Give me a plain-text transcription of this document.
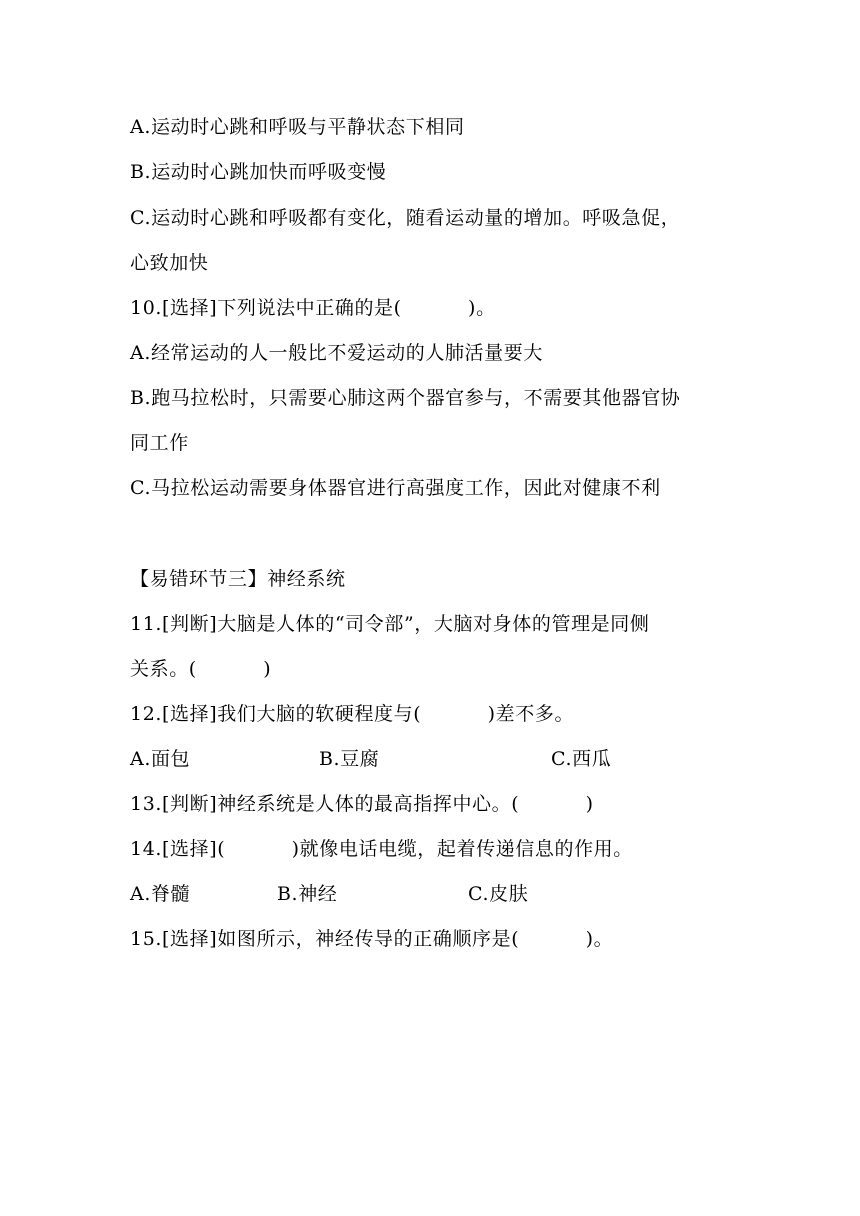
A.运动时心跳和呼吸与平静状态下相同
B.运动时心跳加快而呼吸变慢
C.运动时心跳和呼吸都有变化，随看运动量的增加。呼吸急促，
心致加快
10.[选择]下列说法中正确的是(          )。
A.经常运动的人一般比不爱运动的人肺活量要大
B.跑马拉松时，只需要心肺这两个器官参与，不需要其他器官协
同工作
C.马拉松运动需要身体器官进行高强度工作，因此对健康不利
【易错环节三】神经系统
11.[判断]大脑是人体的“司令部”，大脑对身体的管理是同侧
关系。(          )
12.[选择]我们大脑的软硬程度与(          )差不多。
A.面包	B.豆腐	C.西瓜
13.[判断]神经系统是人体的最高指挥中心。(          )
14.[选择](          )就像电话电缆，起着传递信息的作用。
A.脊髓	B.神经	C.皮肤
15.[选择]如图所示，神经传导的正确顺序是(          )。
